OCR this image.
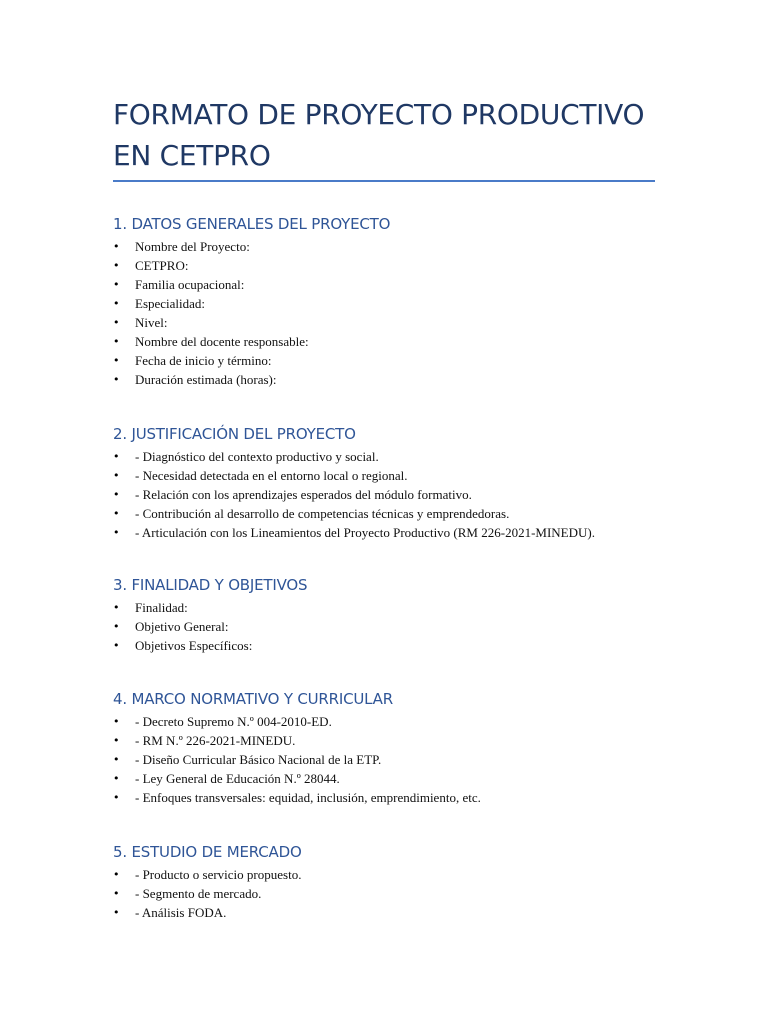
FORMATO DE PROYECTO PRODUCTIVO
EN CETPRO
1. DATOS GENERALES DEL PROYECTO
• Nombre del Proyecto:
• CETPRO:
• Familia ocupacional:
• Especialidad:
• Nivel:
• Nombre del docente responsable:
• Fecha de inicio y término:
• Duración estimada (horas):
2. JUSTIFICACIÓN DEL PROYECTO
• - Diagnóstico del contexto productivo y social.
• - Necesidad detectada en el entorno local o regional.
• - Relación con los aprendizajes esperados del módulo formativo.
• - Contribución al desarrollo de competencias técnicas y emprendedoras.
• - Articulación con los Lineamientos del Proyecto Productivo (RM 226-2021-MINEDU).
3. FINALIDAD Y OBJETIVOS
• Finalidad:
• Objetivo General:
• Objetivos Específicos:
4. MARCO NORMATIVO Y CURRICULAR
• - Decreto Supremo N.º 004-2010-ED.
• - RM N.º 226-2021-MINEDU.
• - Diseño Curricular Básico Nacional de la ETP.
• - Ley General de Educación N.º 28044.
• - Enfoques transversales: equidad, inclusión, emprendimiento, etc.
5. ESTUDIO DE MERCADO
• - Producto o servicio propuesto.
• - Segmento de mercado.
• - Análisis FODA.
